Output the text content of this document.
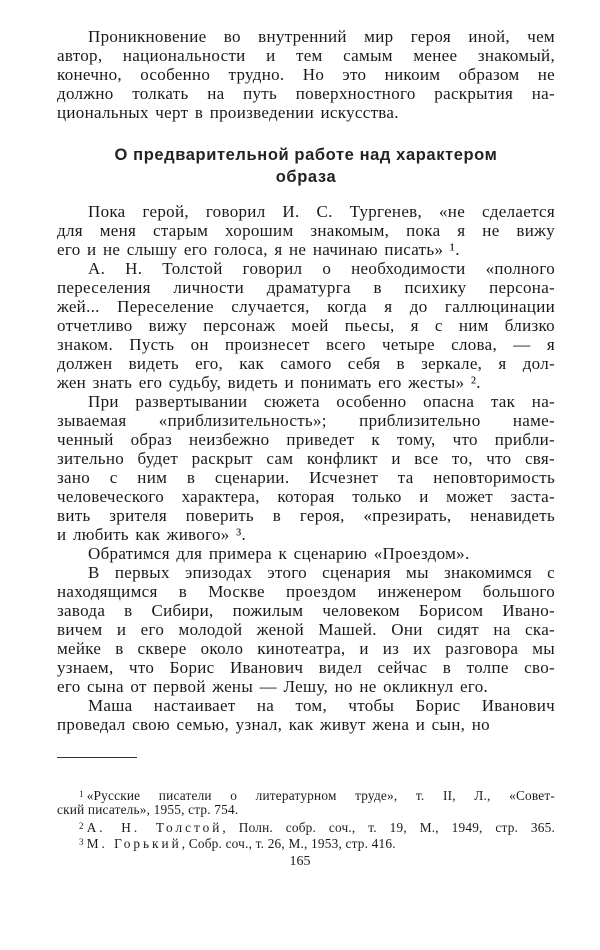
Проникновение во внутренний мир героя иной, чем
автор, национальности и тем самым менее знакомый,
конечно, особенно трудно. Но это никоим образом не
должно толкать на путь поверхностного раскрытия на-
циональных черт в произведении искусства.
О предварительной работе над характером
образа
Пока герой, говорил И. С. Тургенев, «не сделается
для меня старым хорошим знакомым, пока я не вижу
его и не слышу его голоса, я не начинаю писать» ¹.
А. Н. Толстой говорил о необходимости «полного
переселения личности драматурга в психику персона-
жей... Переселение случается, когда я до галлюцинации
отчетливо вижу персонаж моей пьесы, я с ним близко
знаком. Пусть он произнесет всего четыре слова, — я
должен видеть его, как самого себя в зеркале, я дол-
жен знать его судьбу, видеть и понимать его жесты» ².
При развертывании сюжета особенно опасна так на-
зываемая «приблизительность»; приблизительно наме-
ченный образ неизбежно приведет к тому, что прибли-
зительно будет раскрыт сам конфликт и все то, что свя-
зано с ним в сценарии. Исчезнет та неповторимость
человеческого характера, которая только и может заста-
вить зрителя поверить в героя, «презирать, ненавидеть
и любить как живого» ³.
Обратимся для примера к сценарию «Проездом».
В первых эпизодах этого сценария мы знакомимся с
находящимся в Москве проездом инженером большого
завода в Сибири, пожилым человеком Борисом Ивано-
вичем и его молодой женой Машей. Они сидят на ска-
мейке в сквере около кинотеатра, и из их разговора мы
узнаем, что Борис Иванович видел сейчас в толпе сво-
его сына от первой жены — Лешу, но не окликнул его.
Маша настаивает на том, чтобы Борис Иванович
проведал свою семью, узнал, как живут жена и сын, но
$^1$ «Русские писатели о литературном труде», т. II, Л., «Совет-
ский писатель», 1955, стр. 754.
$^2$ А. Н. Толстой, Полн. собр. соч., т. 19, М., 1949, стр. 365.
$^3$ М. Горький, Собр. соч., т. 26, М., 1953, стр. 416.
165
